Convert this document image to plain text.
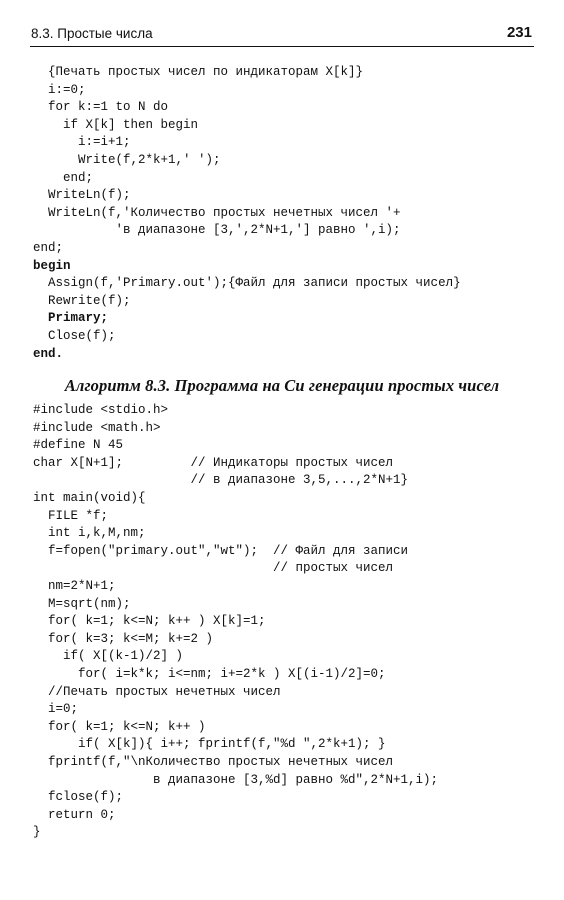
8.3. Простые числа	231
{Печать простых чисел по индикаторам X[k]}
i:=0;
for k:=1 to N do
if X[k] then begin
i:=i+1;
Write(f,2*k+1,' ');
end;
WriteLn(f);
WriteLn(f,'Количество простых нечетных чисел '+
'в диапазоне [3,',2*N+1,'] равно ',i);
end;
begin
Assign(f,'Primary.out');{Файл для записи простых чисел}
Rewrite(f);
Primary;
Close(f);
end.
Алгоритм 8.3. Программа на Си генерации простых чисел
#include <stdio.h>
#include <math.h>
#define N 45
char X[N+1];         // Индикаторы простых чисел
// в диапазоне 3,5,...,2*N+1}
int main(void){
FILE *f;
int i,k,M,nm;
f=fopen("primary.out","wt");  // Файл для записи
// простых чисел
nm=2*N+1;
M=sqrt(nm);
for( k=1; k<=N; k++ ) X[k]=1;
for( k=3; k<=M; k+=2 )
if( X[(k-1)/2] )
for( i=k*k; i<=nm; i+=2*k ) X[(i-1)/2]=0;
//Печать простых нечетных чисел
i=0;
for( k=1; k<=N; k++ )
if( X[k]){ i++; fprintf(f,"%d ",2*k+1); }
fprintf(f,"\nКоличество простых нечетных чисел
в диапазоне [3,%d] равно %d",2*N+1,i);
fclose(f);
return 0;
}
